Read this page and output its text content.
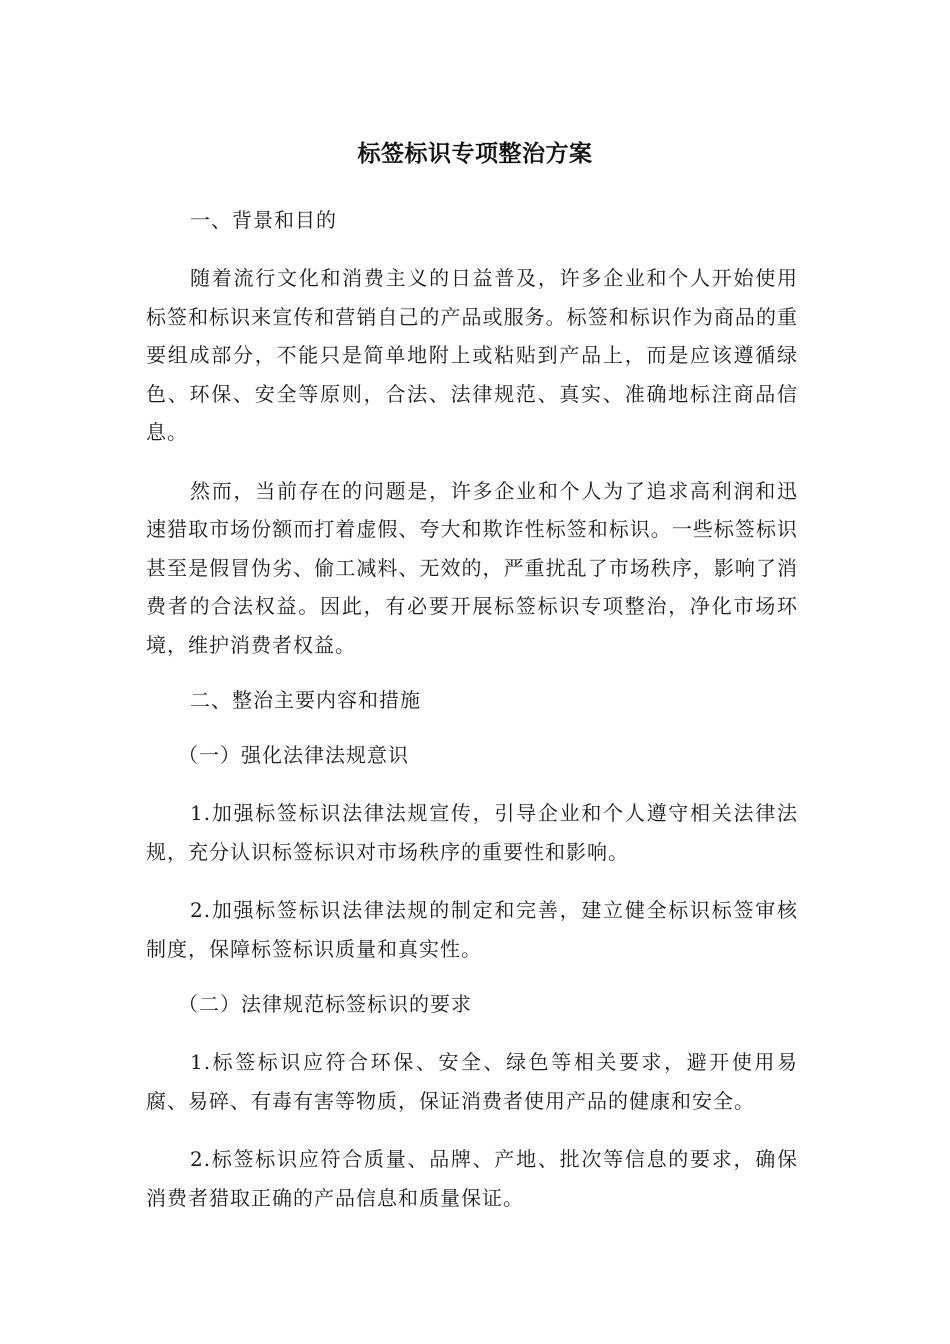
标签标识专项整治方案

一、背景和目的

随着流行文化和消费主义的日益普及，许多企业和个人开始使用标签和标识来宣传和营销自己的产品或服务。标签和标识作为商品的重要组成部分，不能只是简单地附上或粘贴到产品上，而是应该遵循绿色、环保、安全等原则，合法、法律规范、真实、准确地标注商品信息。

然而，当前存在的问题是，许多企业和个人为了追求高利润和迅速猎取市场份额而打着虚假、夸大和欺诈性标签和标识。一些标签标识甚至是假冒伪劣、偷工减料、无效的，严重扰乱了市场秩序，影响了消费者的合法权益。因此，有必要开展标签标识专项整治，净化市场环境，维护消费者权益。

二、整治主要内容和措施

（一）强化法律法规意识

1.加强标签标识法律法规宣传，引导企业和个人遵守相关法律法规，充分认识标签标识对市场秩序的重要性和影响。

2.加强标签标识法律法规的制定和完善，建立健全标识标签审核制度，保障标签标识质量和真实性。

（二）法律规范标签标识的要求

1.标签标识应符合环保、安全、绿色等相关要求，避开使用易腐、易碎、有毒有害等物质，保证消费者使用产品的健康和安全。

2.标签标识应符合质量、品牌、产地、批次等信息的要求，确保消费者猎取正确的产品信息和质量保证。
